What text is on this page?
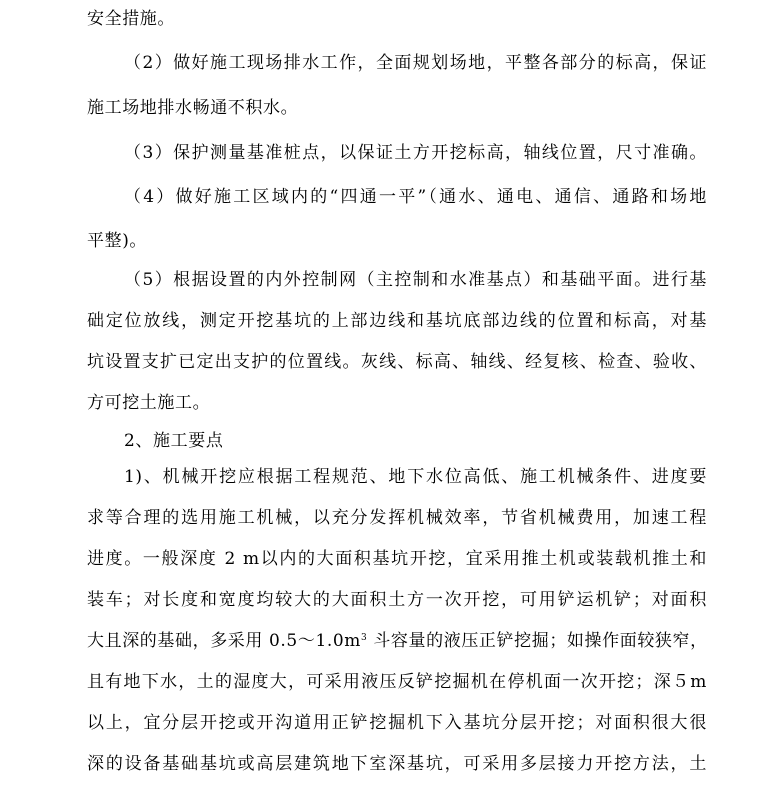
安全措施。
（2）做好施工现场排水工作，全面规划场地，平整各部分的标高，保证
施工场地排水畅通不积水。
（3）保护测量基准桩点，以保证土方开挖标高，轴线位置，尺寸准确。
（4）做好施工区域内的“四通一平”（通水、通电、通信、通路和场地
平整)。
（5）根据设置的内外控制网（主控制和水准基点）和基础平面。进行基
础定位放线，测定开挖基坑的上部边线和基坑底部边线的位置和标高，对基
坑设置支扩已定出支护的位置线。灰线、标高、轴线、经复核、检查、验收、
方可挖土施工。
2、施工要点
1)、机械开挖应根据工程规范、地下水位高低、施工机械条件、进度要
求等合理的选用施工机械，以充分发挥机械效率，节省机械费用，加速工程
进度。一般深度 2 m以内的大面积基坑开挖，宜采用推土机或装载机推土和
装车；对长度和宽度均较大的大面积土方一次开挖，可用铲运机铲；对面积
大且深的基础，多采用 $0.5\sim 1.0m^3$ 斗容量的液压正铲挖掘；如操作面较狭窄，
且有地下水，土的湿度大，可采用液压反铲挖掘机在停机面一次开挖；深５m
以上，宜分层开挖或开沟道用正铲挖掘机下入基坑分层开挖；对面积很大很
深的设备基础基坑或高层建筑地下室深基坑，可采用多层接力开挖方法，土
